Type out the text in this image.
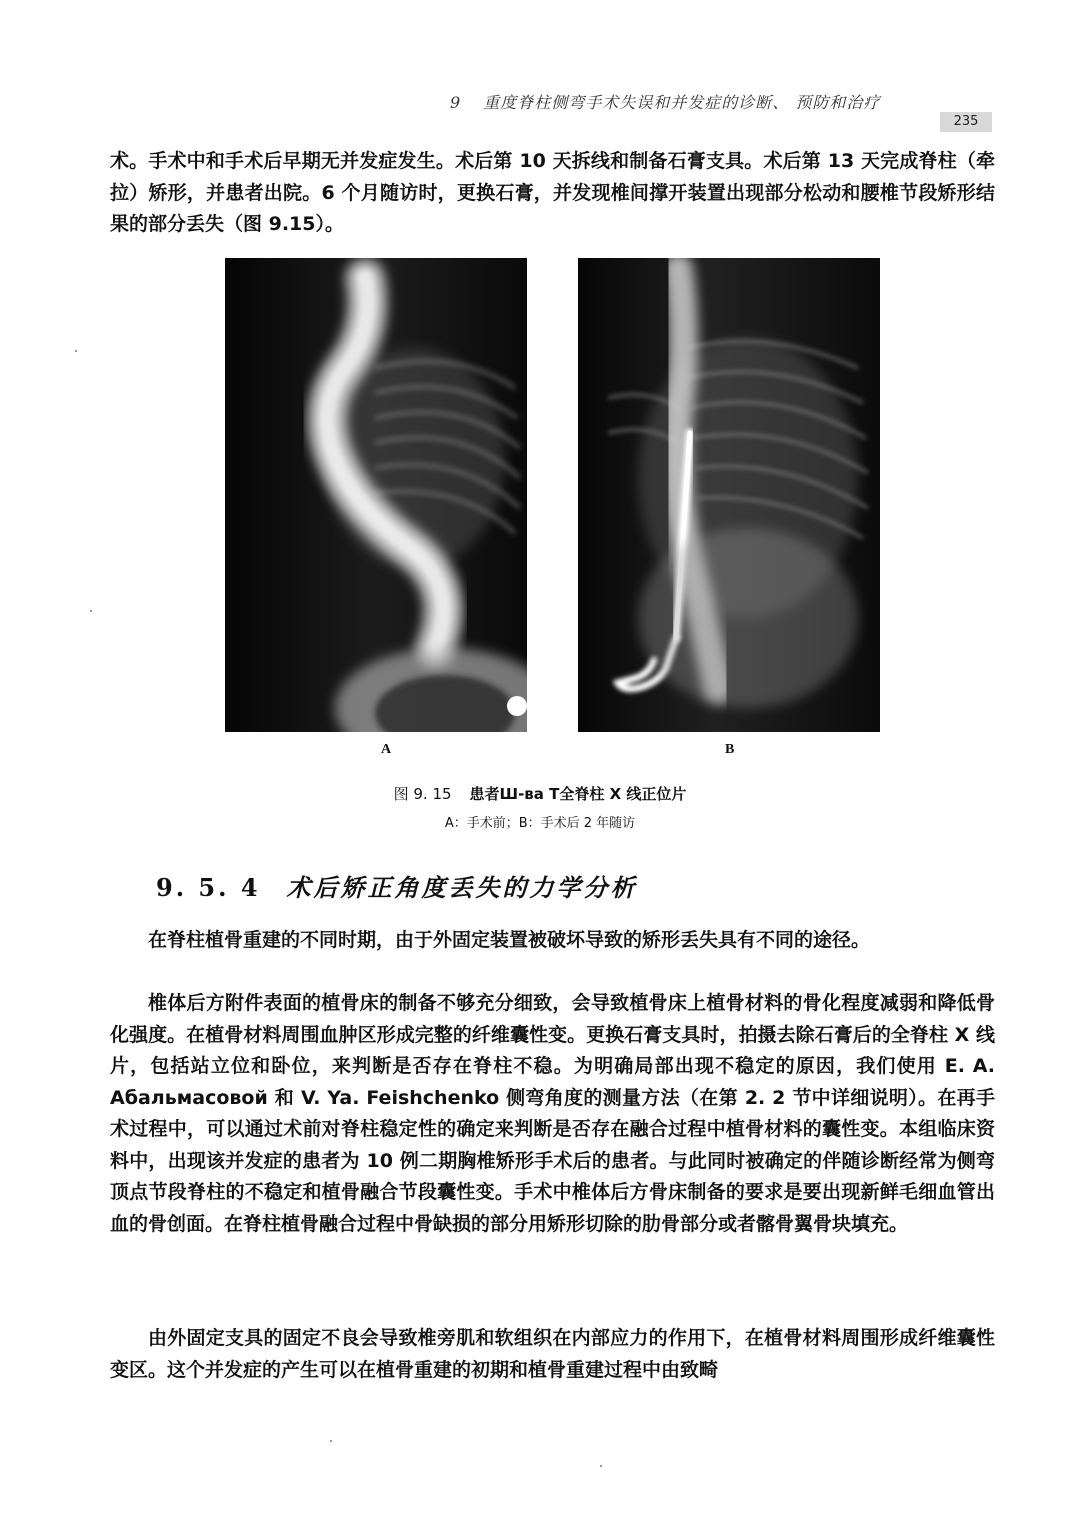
9 重度脊柱侧弯手术失误和并发症的诊断、 预防和治疗
235

术。手术中和手术后早期无并发症发生。术后第 10 天拆线和制备石膏支具。术后第 13 天完成脊柱（牵拉）矫形，并患者出院。6 个月随访时，更换石膏，并发现椎间撑开装置出现部分松动和腰椎节段矫形结果的部分丢失（图 9.15）。

A	B
图 9. 15 患者Ш-ва Т全脊柱 X 线正位片
A：手术前；B：手术后 2 年随访
9. 5. 4 术后矫正角度丢失的力学分析

在脊柱植骨重建的不同时期，由于外固定装置被破坏导致的矫形丢失具有不同的途径。

椎体后方附件表面的植骨床的制备不够充分细致，会导致植骨床上植骨材料的骨化程度减弱和降低骨化强度。在植骨材料周围血肿区形成完整的纤维囊性变。更换石膏支具时，拍摄去除石膏后的全脊柱 X 线片，包括站立位和卧位，来判断是否存在脊柱不稳。为明确局部出现不稳定的原因，我们使用 E. A. Абальмасовой 和 V. Ya. Feishchenko 侧弯角度的测量方法（在第 2. 2 节中详细说明）。在再手术过程中，可以通过术前对脊柱稳定性的确定来判断是否存在融合过程中植骨材料的囊性变。本组临床资料中，出现该并发症的患者为 10 例二期胸椎矫形手术后的患者。与此同时被确定的伴随诊断经常为侧弯顶点节段脊柱的不稳定和植骨融合节段囊性变。手术中椎体后方骨床制备的要求是要出现新鲜毛细血管出血的骨创面。在脊柱植骨融合过程中骨缺损的部分用矫形切除的肋骨部分或者髂骨翼骨块填充。

由外固定支具的固定不良会导致椎旁肌和软组织在内部应力的作用下，在植骨材料周围形成纤维囊性变区。这个并发症的产生可以在植骨重建的初期和植骨重建过程中由致畸
